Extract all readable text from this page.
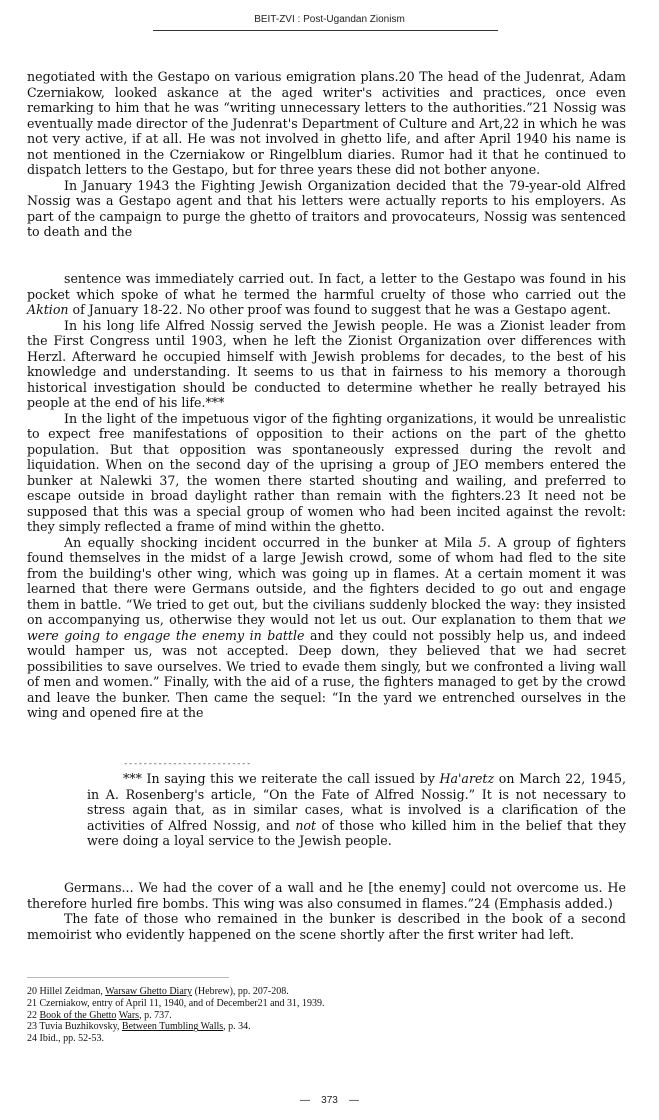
BEIT-ZVI : Post-Ugandan Zionism

negotiated with the Gestapo on various emigration plans.20 The head of the Judenrat, Adam Czerniakow, looked askance at the aged writer's activities and practices, once even remarking to him that he was “writing unnecessary letters to the authorities.”21 Nossig was eventually made director of the Judenrat's Department of Culture and Art,22 in which he was not very active, if at all. He was not involved in ghetto life, and after April 1940 his name is not mentioned in the Czerniakow or Ringelblum diaries. Rumor had it that he continued to dispatch letters to the Gestapo, but for three years these did not bother anyone.

In January 1943 the Fighting Jewish Organization decided that the 79-year-old Alfred Nossig was a Gestapo agent and that his letters were actually reports to his employers. As part of the campaign to purge the ghetto of traitors and provocateurs, Nossig was sentenced to death and the

sentence was immediately carried out. In fact, a letter to the Gestapo was found in his pocket which spoke of what he termed the harmful cruelty of those who carried out the Aktion of January 18-22. No other proof was found to suggest that he was a Gestapo agent.

In his long life Alfred Nossig served the Jewish people. He was a Zionist leader from the First Congress until 1903, when he left the Zionist Organization over differences with Herzl. Afterward he occupied himself with Jewish problems for decades, to the best of his knowledge and understanding. It seems to us that in fairness to his memory a thorough historical investigation should be conducted to determine whether he really betrayed his people at the end of his life.***

In the light of the impetuous vigor of the fighting organizations, it would be unrealistic to expect free manifestations of opposition to their actions on the part of the ghetto population. But that opposition was spontaneously expressed during the revolt and liquidation. When on the second day of the uprising a group of JEO members entered the bunker at Nalewki 37, the women there started shouting and wailing, and preferred to escape outside in broad daylight rather than remain with the fighters.23 It need not be supposed that this was a special group of women who had been incited against the revolt: they simply reflected a frame of mind within the ghetto.

An equally shocking incident occurred in the bunker at Mila 5. A group of fighters found themselves in the midst of a large Jewish crowd, some of whom had fled to the site from the building's other wing, which was going up in flames. At a certain moment it was learned that there were Germans outside, and the fighters decided to go out and engage them in battle. “We tried to get out, but the civilians suddenly blocked the way: they insisted on accompanying us, otherwise they would not let us out. Our explanation to them that we were going to engage the enemy in battle and they could not possibly help us, and indeed would hamper us, was not accepted. Deep down, they believed that we had secret possibilities to save ourselves. We tried to evade them singly, but we confronted a living wall of men and women.” Finally, with the aid of a ruse, the fighters managed to get by the crowd and leave the bunker. Then came the sequel: “In the yard we entrenched ourselves in the wing and opened fire at the

--------------------------

*** In saying this we reiterate the call issued by Ha'aretz on March 22, 1945, in A. Rosenberg's article, “On the Fate of Alfred Nossig.” It is not necessary to stress again that, as in similar cases, what is involved is a clarification of the activities of Alfred Nossig, and not of those who killed him in the belief that they were doing a loyal service to the Jewish people.

Germans... We had the cover of a wall and he [the enemy] could not overcome us. He therefore hurled fire bombs. This wing was also consumed in flames.”24 (Emphasis added.)

The fate of those who remained in the bunker is described in the book of a second memoirist who evidently happened on the scene shortly after the first writer had left.

20 Hillel Zeidman, Warsaw Ghetto Diary (Hebrew), pp. 207-208.
21 Czerniakow, entry of April 11, 1940, and of December21 and 31, 1939.
22 Book of the Ghetto Wars, p. 737.
23 Tuvia Buzhikovsky, Between Tumbling Walls, p. 34.
24 Ibid., pp. 52-53.
— 373 —
